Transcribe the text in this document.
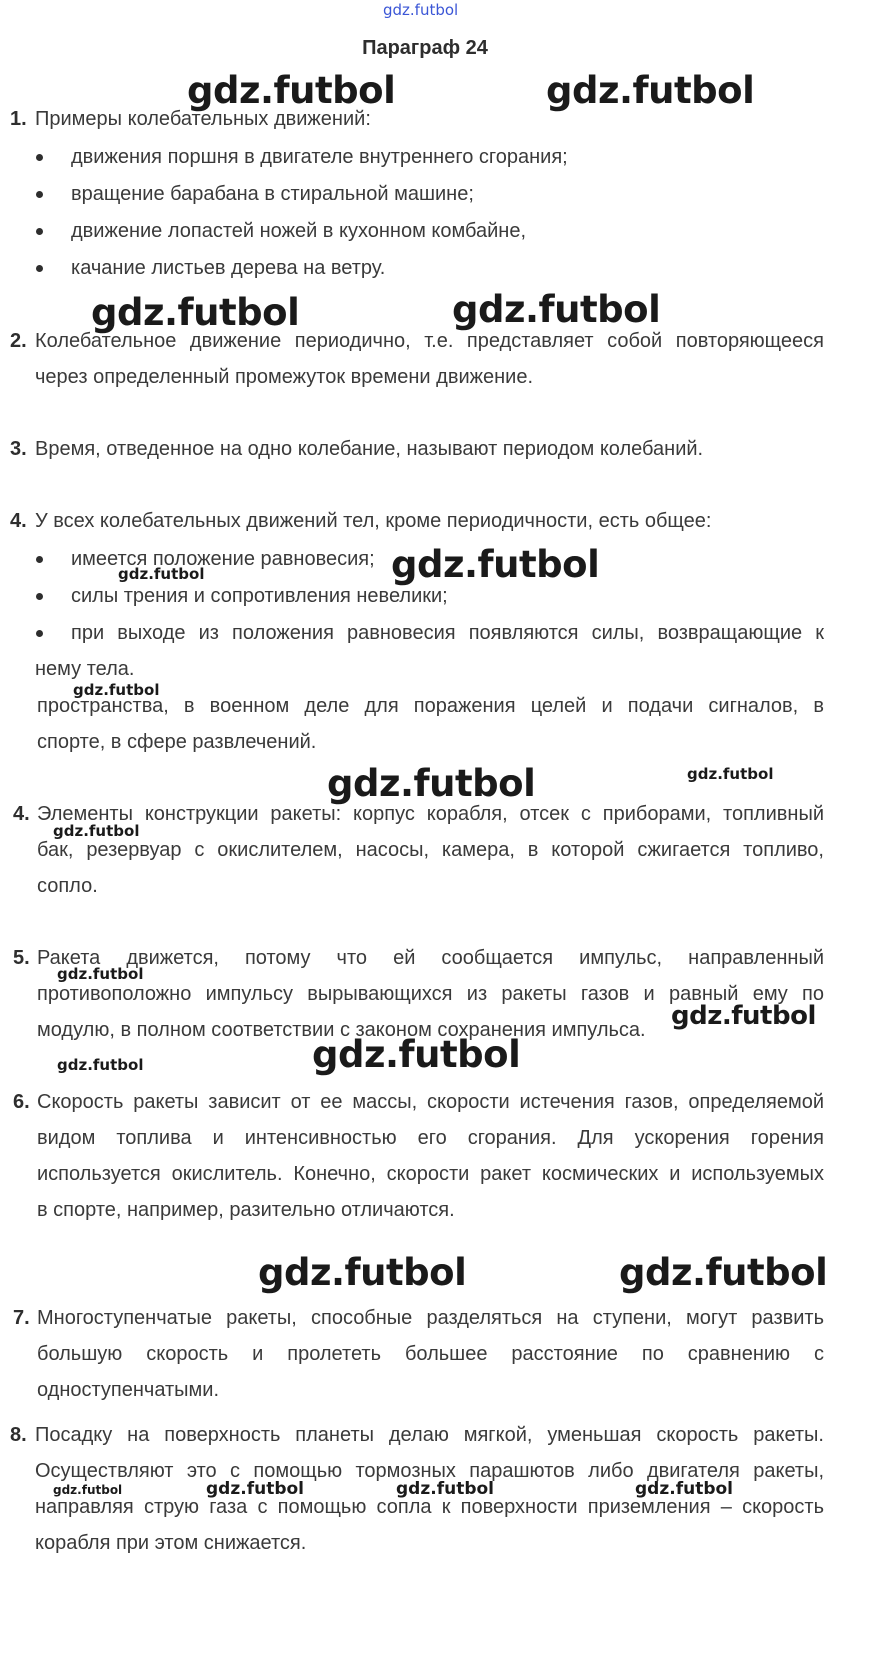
gdz.futbol
Параграф 24
gdz.futbol	gdz.futbol
gdz.futbol	gdz.futbol
gdz.futbol
gdz.futbol
gdz.futbol
gdz.futbol	gdz.futbol
gdz.futbol
gdz.futbol
gdz.futbol
gdz.futbol
gdz.futbol
gdz.futbol
gdz.futbol
gdz.futbol	gdz.futbol	gdz.futbol	gdz.futbol
1. Примеры колебательных движений:
движения поршня в двигателе внутреннего сгорания;
вращение барабана в стиральной машине;
движение лопастей ножей в кухонном комбайне,
качание листьев дерева на ветру.
2. Колебательное движение периодично, т.е. представляет собой повторяющееся
через определенный промежуток времени движение.
3. Время, отведенное на одно колебание, называют периодом колебаний.
4. У всех колебательных движений тел, кроме периодичности, есть общее:
имеется положение равновесия;
силы трения и сопротивления невелики;
при выходе из положения равновесия появляются силы, возвращающие к
нему тела.
пространства, в военном деле для поражения целей и подачи сигналов, в
спорте, в сфере развлечений.
4. Элементы конструкции ракеты: корпус корабля, отсек с приборами, топливный
бак, резервуар с окислителем, насосы, камера, в которой сжигается топливо,
сопло.
5. Ракета движется, потому что ей сообщается импульс, направленный
противоположно импульсу вырывающихся из ракеты газов и равный ему по
модулю, в полном соответствии с законом сохранения импульса.
6. Скорость ракеты зависит от ее массы, скорости истечения газов, определяемой
видом топлива и интенсивностью его сгорания. Для ускорения горения
используется окислитель. Конечно, скорости ракет космических и используемых
в спорте, например, разительно отличаются.
7. Многоступенчатые ракеты, способные разделяться на ступени, могут развить
большую скорость и пролететь большее расстояние по сравнению с
одноступенчатыми.
8. Посадку на поверхность планеты делаю мягкой, уменьшая скорость ракеты.
Осуществляют это с помощью тормозных парашютов либо двигателя ракеты,
направляя струю газа с помощью сопла к поверхности приземления – скорость
корабля при этом снижается.
